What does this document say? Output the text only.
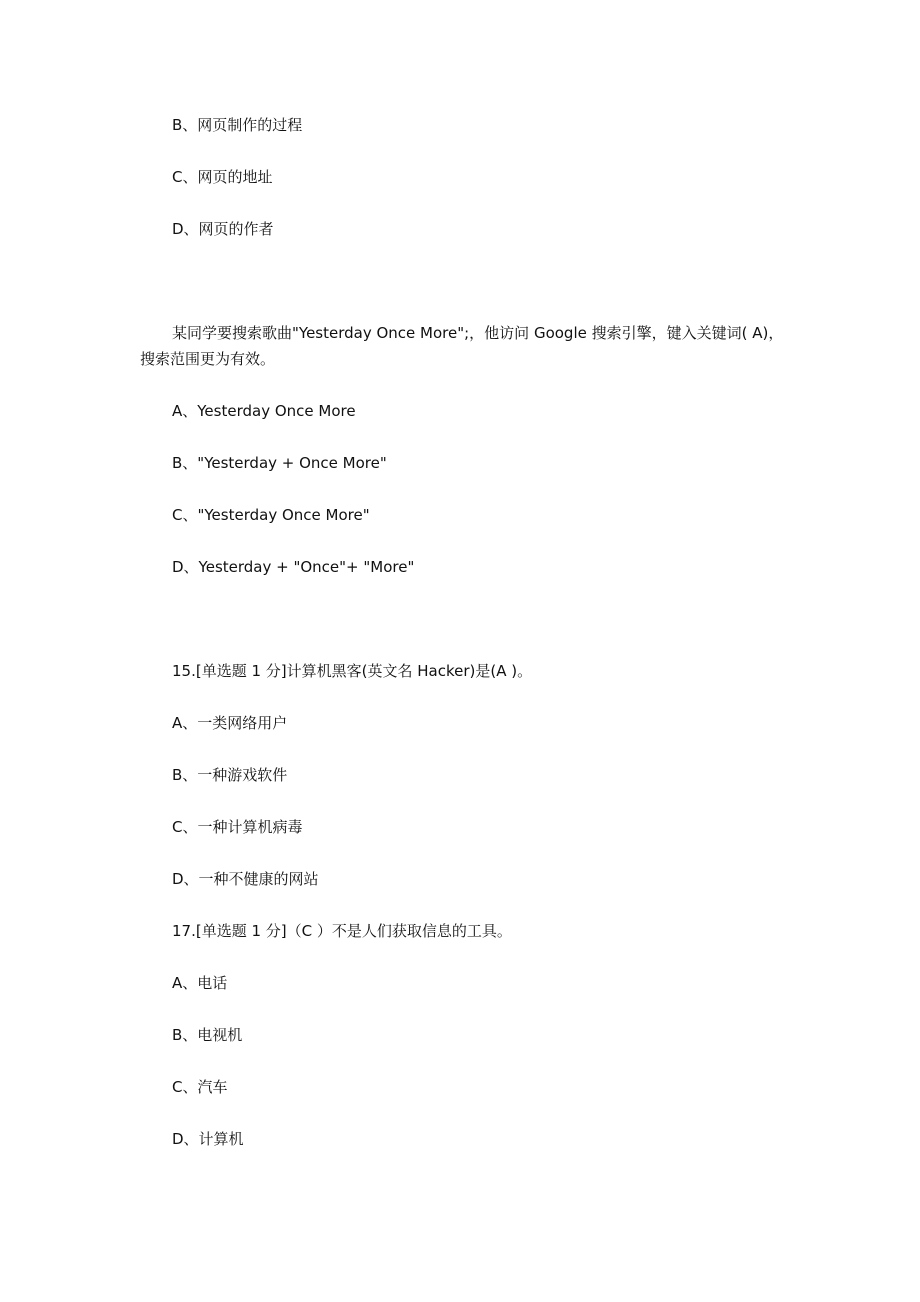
B、网页制作的过程
C、网页的地址
D、网页的作者
某同学要搜索歌曲"Yesterday Once More";，他访问 Google 搜索引擎，键入关键词( A)，
搜索范围更为有效。
A、Yesterday Once More
B、"Yesterday + Once More"
C、"Yesterday Once More"
D、Yesterday + "Once"+ "More"
15.[单选题 1 分]计算机黑客(英文名 Hacker)是(A )。
A、一类网络用户
B、一种游戏软件
C、一种计算机病毒
D、一种不健康的网站
17.[单选题 1 分]（C ）不是人们获取信息的工具。
A、电话
B、电视机
C、汽车
D、计算机
